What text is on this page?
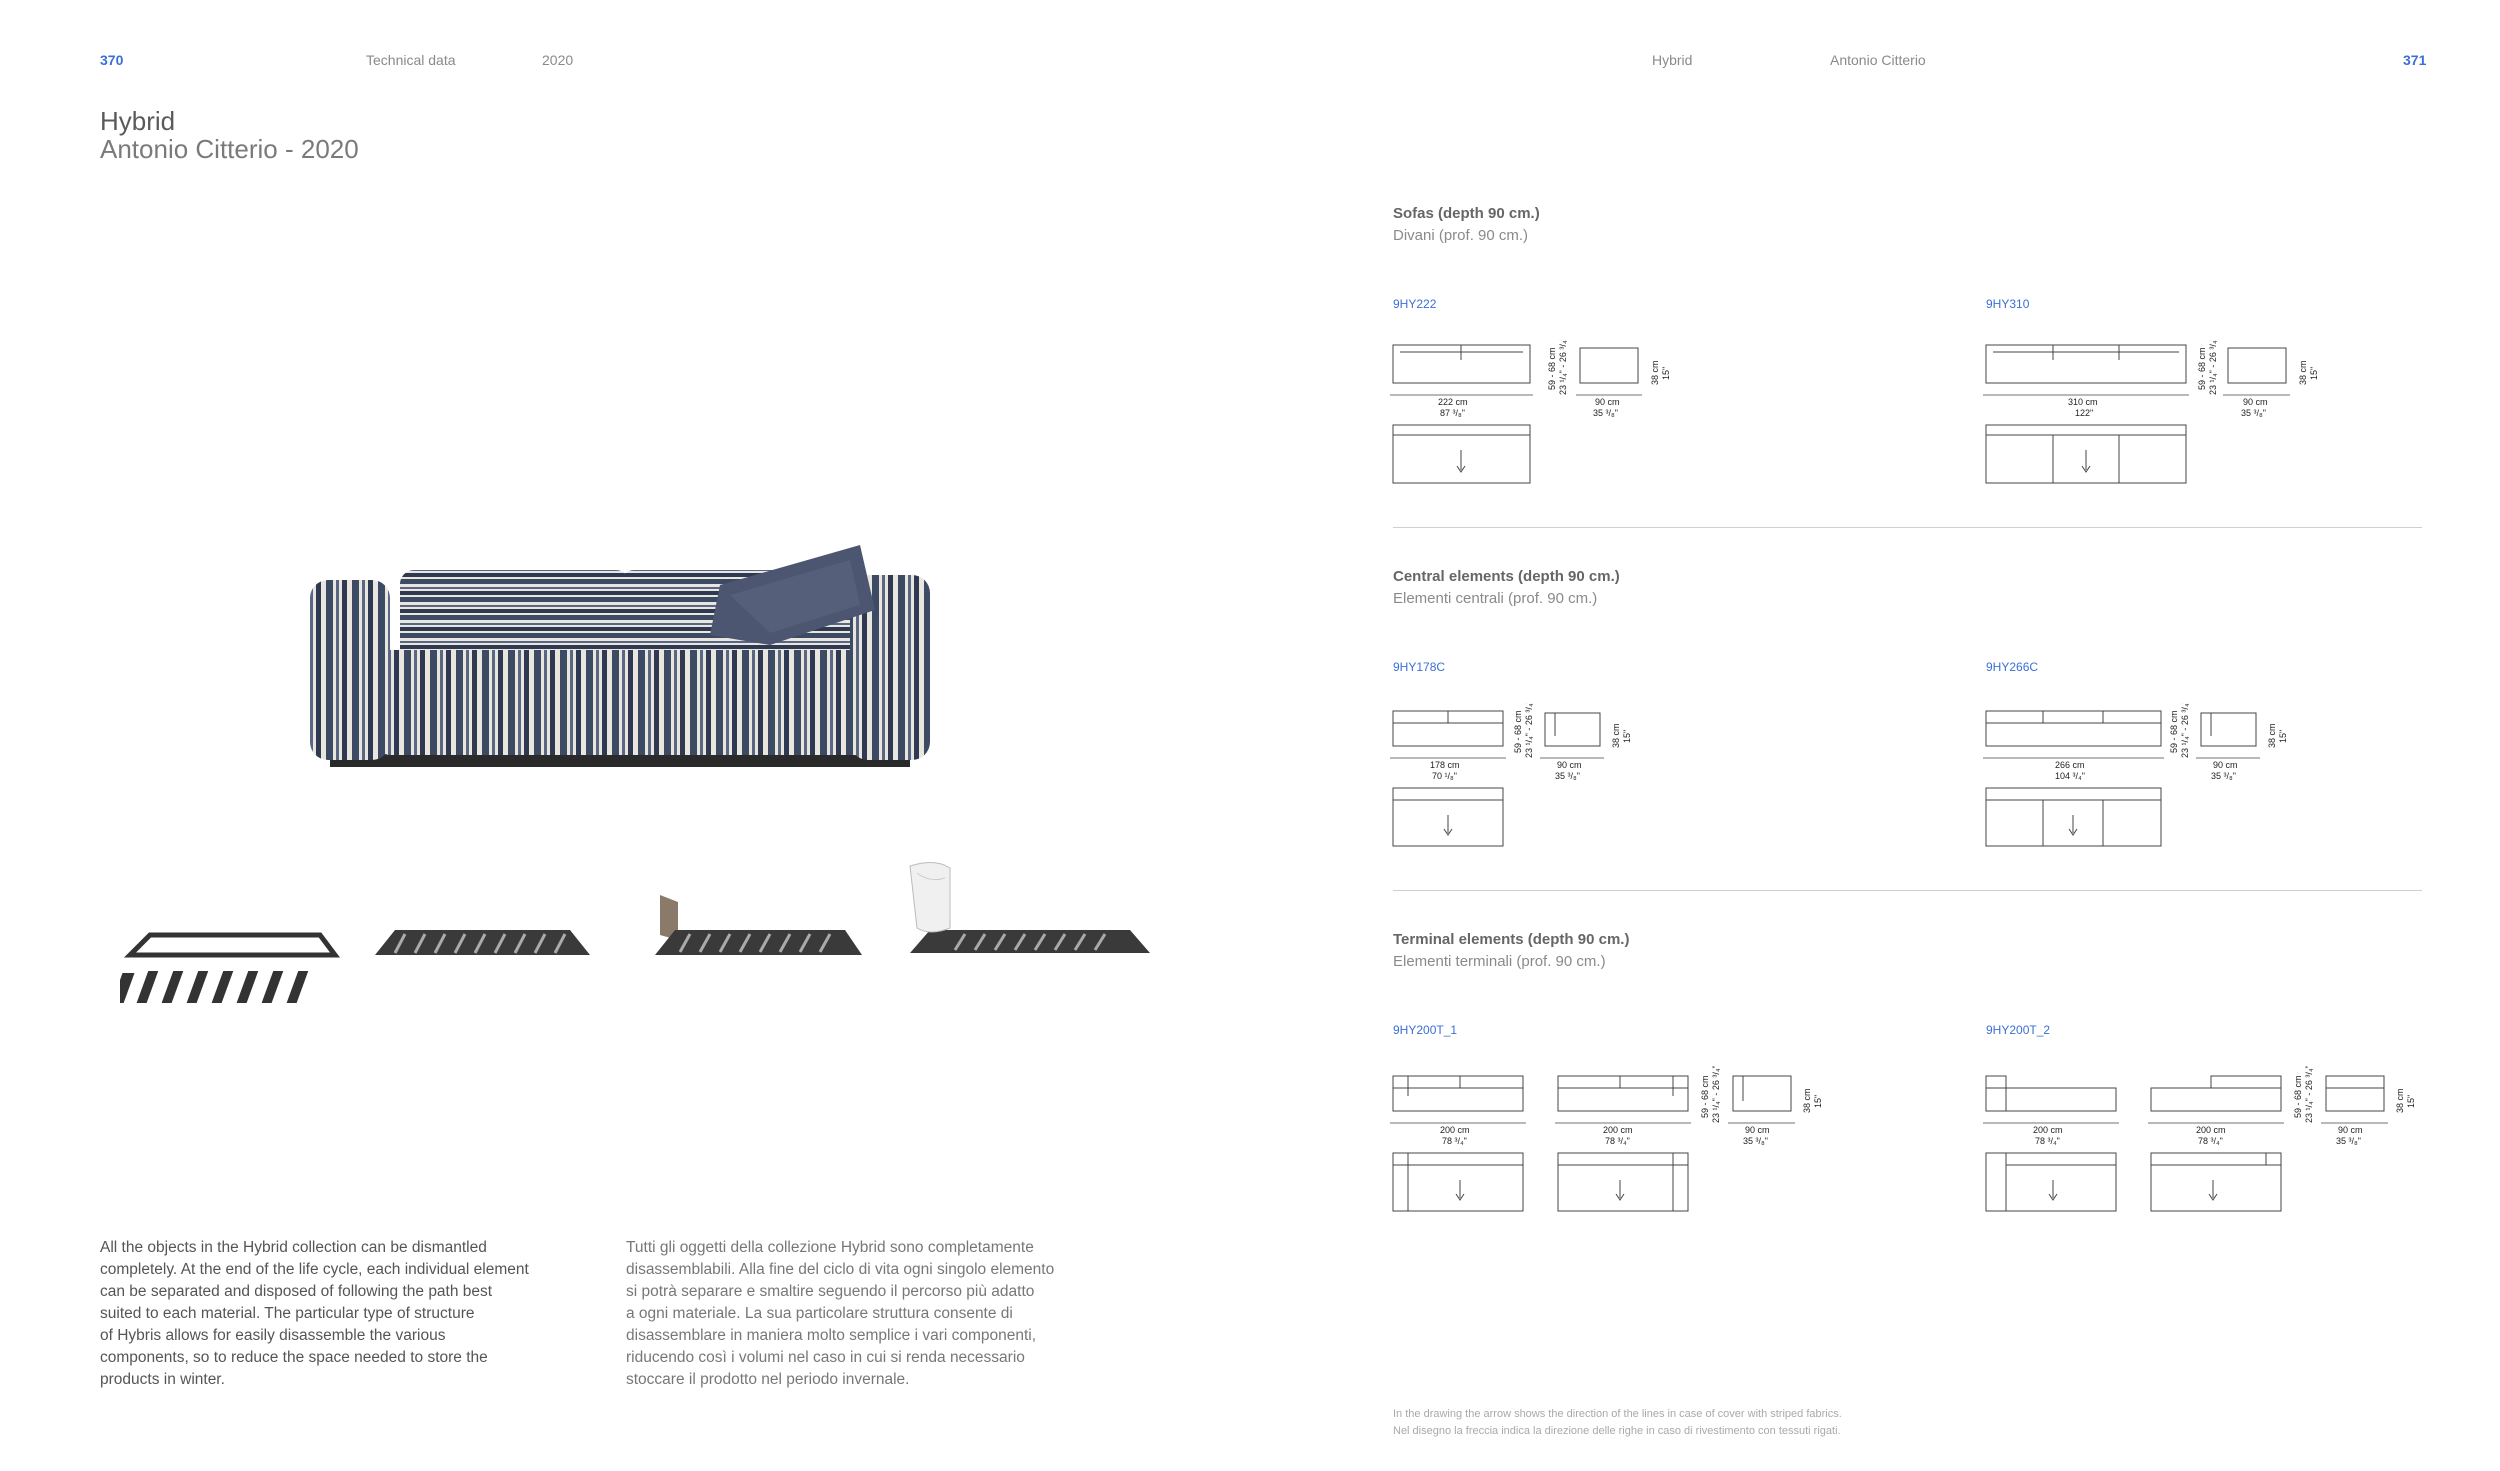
370	Technical data	2020	Hybrid	Antonio Citterio	371
Hybrid
Antonio Citterio - 2020
All the objects in the Hybrid collection can be dismantled
completely. At the end of the life cycle, each individual element
can be separated and disposed of following the path best
suited to each material. The particular type of structure
of Hybris allows for easily disassemble the various
components, so to reduce the space needed to store the
products in winter.
Tutti gli oggetti della collezione Hybrid sono completamente
disassemblabili. Alla fine del ciclo di vita ogni singolo elemento
si potrà separare e smaltire seguendo il percorso più adatto
a ogni materiale. La sua particolare struttura consente di
disassemblare in maniera molto semplice i vari componenti,
riducendo così i volumi nel caso in cui si renda necessario
stoccare il prodotto nel periodo invernale.
Sofas (depth 90 cm.)
Divani (prof. 90 cm.)
9HY222	9HY310
Central elements (depth 90 cm.)
Elementi centrali (prof. 90 cm.)
9HY178C	9HY266C
Terminal elements (depth 90 cm.)
Elementi terminali (prof. 90 cm.)
9HY200T_1	9HY200T_2
222 cm
87 ³/₈"
90 cm
35 ³/₈"
59 - 68 cm 23 ¹/₄" - 26 ³/₄"	38 cm 15"
310 cm
122"
90 cm
35 ³/₈"
59 - 68 cm 23 ¹/₄" - 26 ³/₄"	38 cm 15"
178 cm
70 ¹/₈"
90 cm
35 ³/₈"
59 - 68 cm 23 ¹/₄" - 26 ³/₄"	38 cm 15"
266 cm
104 ³/₄"
90 cm
35 ³/₈"
59 - 68 cm 23 ¹/₄" - 26 ³/₄"	38 cm 15"
200 cm
78 ³/₄"
200 cm
78 ³/₄"
90 cm
35 ³/₈"
59 - 68 cm 23 ¹/₄" - 26 ³/₄"	38 cm 15"
200 cm
78 ³/₄"
200 cm
78 ³/₄"
90 cm
35 ³/₈"
59 - 68 cm 23 ¹/₄" - 26 ³/₄"	38 cm 15"
In the drawing the arrow shows the direction of the lines in case of cover with striped fabrics.
Nel disegno la freccia indica la direzione delle righe in caso di rivestimento con tessuti rigati.
